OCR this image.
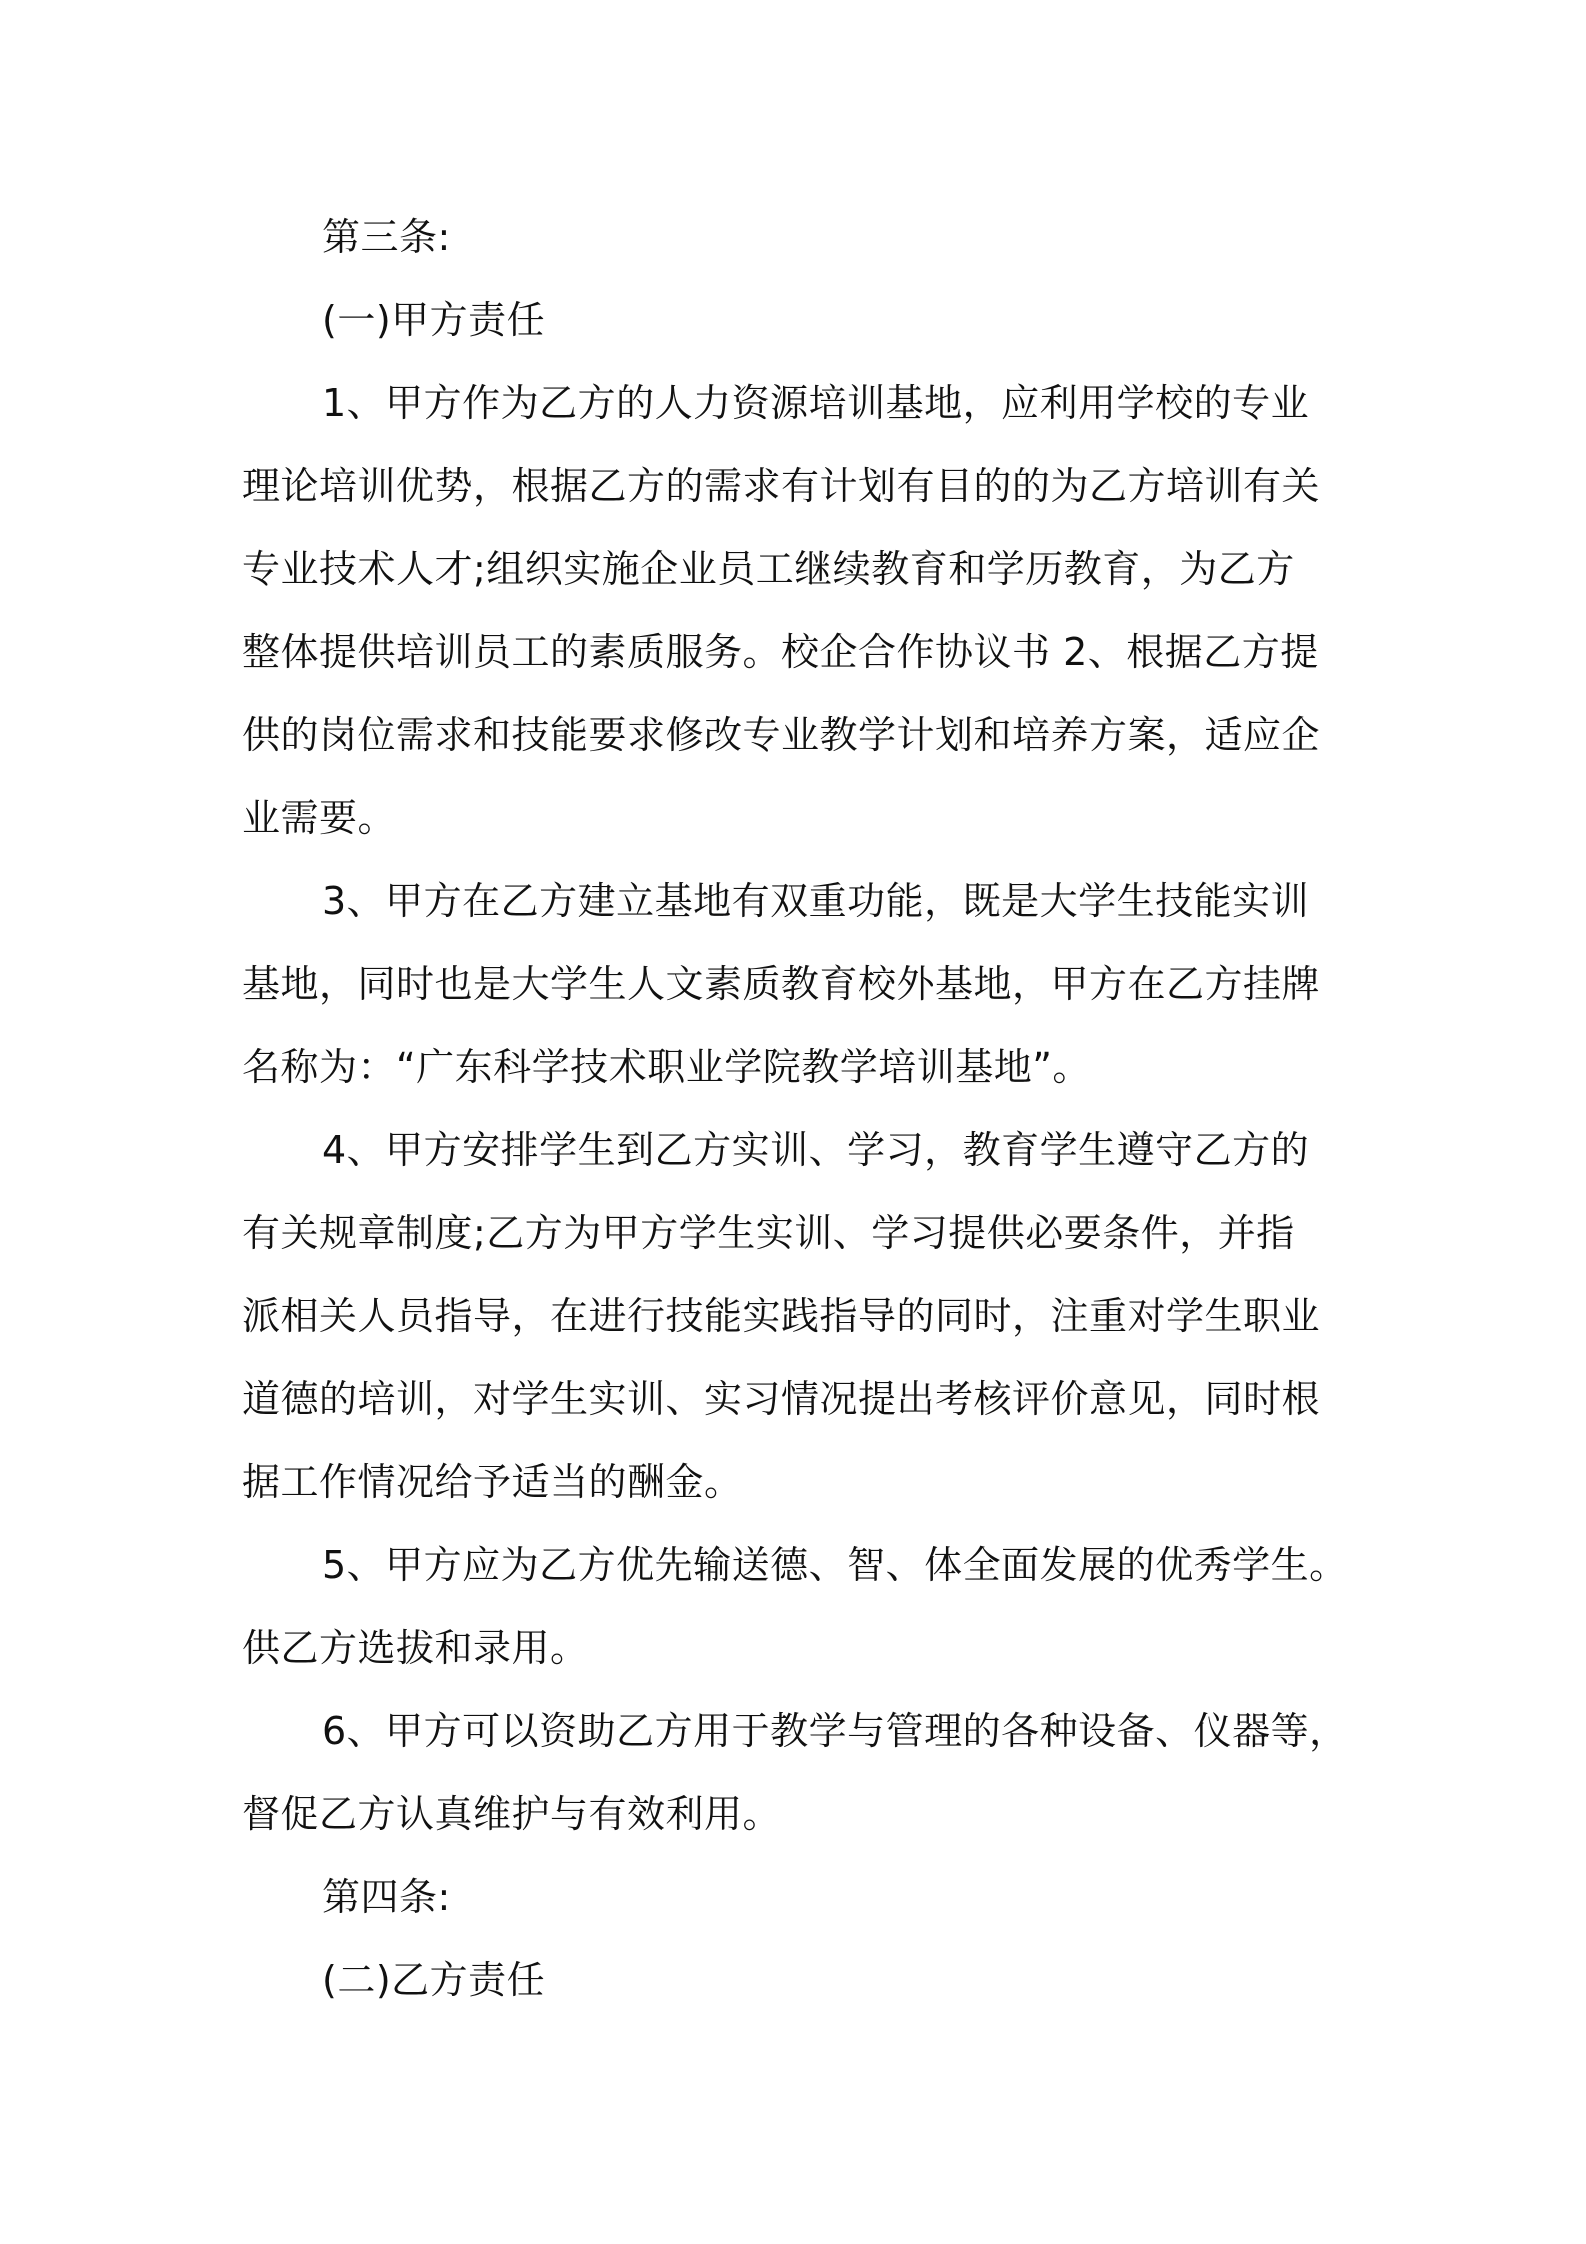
第三条:
(一)甲方责任
1、甲方作为乙方的人力资源培训基地，应利用学校的专业
理论培训优势，根据乙方的需求有计划有目的的为乙方培训有关
专业技术人才;组织实施企业员工继续教育和学历教育，为乙方
整体提供培训员工的素质服务。校企合作协议书 2、根据乙方提
供的岗位需求和技能要求修改专业教学计划和培养方案，适应企
业需要。
3、甲方在乙方建立基地有双重功能，既是大学生技能实训
基地，同时也是大学生人文素质教育校外基地，甲方在乙方挂牌
名称为：“广东科学技术职业学院教学培训基地”。
4、甲方安排学生到乙方实训、学习，教育学生遵守乙方的
有关规章制度;乙方为甲方学生实训、学习提供必要条件，并指
派相关人员指导，在进行技能实践指导的同时，注重对学生职业
道德的培训，对学生实训、实习情况提出考核评价意见，同时根
据工作情况给予适当的酬金。
5、甲方应为乙方优先输送德、智、体全面发展的优秀学生。
供乙方选拔和录用。
6、甲方可以资助乙方用于教学与管理的各种设备、仪器等，
督促乙方认真维护与有效利用。
第四条:
(二)乙方责任
